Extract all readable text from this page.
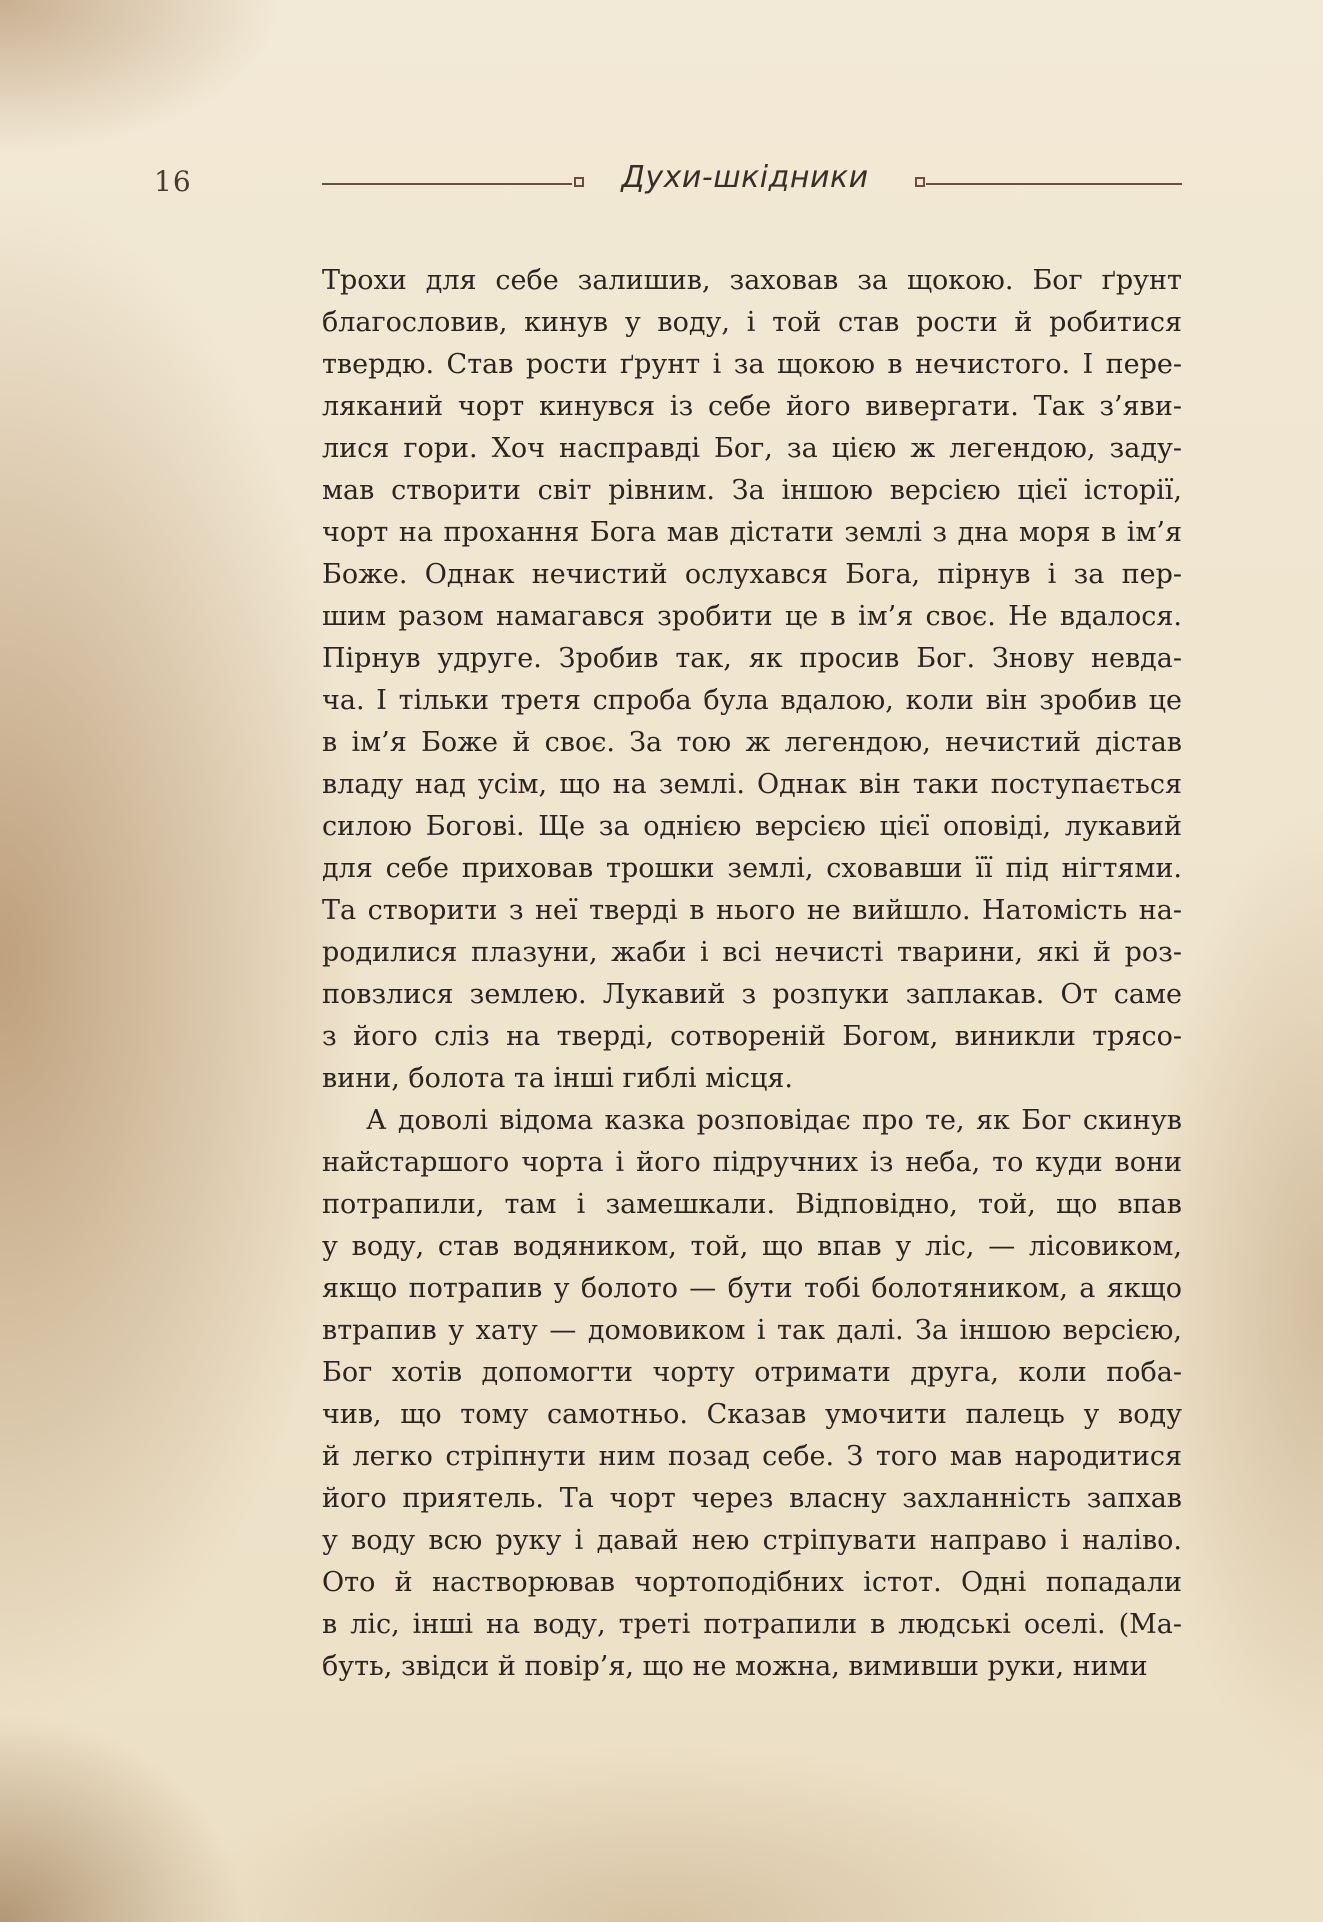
16	Духи-шкідники
Трохи для себе залишив, заховав за щокою. Бог ґрунт
благословив, кинув у воду, і той став рости й робитися
твердю. Став рости ґрунт і за щокою в нечистого. І пере-
ляканий чорт кинувся із себе його вивергати. Так з’яви-
лися гори. Хоч насправді Бог, за цією ж легендою, заду-
мав створити світ рівним. За іншою версією цієї історії,
чорт на прохання Бога мав дістати землі з дна моря в ім’я
Боже. Однак нечистий ослухався Бога, пірнув і за пер-
шим разом намагався зробити це в ім’я своє. Не вдалося.
Пірнув удруге. Зробив так, як просив Бог. Знову невда-
ча. І тільки третя спроба була вдалою, коли він зробив це
в ім’я Боже й своє. За тою ж легендою, нечистий дістав
владу над усім, що на землі. Однак він таки поступається
силою Богові. Ще за однією версією цієї оповіді, лукавий
для себе приховав трошки землі, сховавши її під нігтями.
Та створити з неї тверді в нього не вийшло. Натомість на-
родилися плазуни, жаби і всі нечисті тварини, які й роз-
повзлися землею. Лукавий з розпуки заплакав. От саме
з його сліз на тверді, сотвореній Богом, виникли трясо-
вини, болота та інші гиблі місця.
А доволі відома казка розповідає про те, як Бог скинув
найстаршого чорта і його підручних із неба, то куди вони
потрапили, там і замешкали. Відповідно, той, що впав
у воду, став водяником, той, що впав у ліс, — лісовиком,
якщо потрапив у болото — бути тобі болотяником, а якщо
втрапив у хату — домовиком і так далі. За іншою версією,
Бог хотів допомогти чорту отримати друга, коли поба-
чив, що тому самотньо. Сказав умочити палець у воду
й легко стріпнути ним позад себе. З того мав народитися
його приятель. Та чорт через власну захланність запхав
у воду всю руку і давай нею стріпувати направо і наліво.
Ото й настворював чортоподібних істот. Одні попадали
в ліс, інші на воду, треті потрапили в людські оселі. (Ма-
буть, звідси й повір’я, що не можна, вимивши руки, ними
